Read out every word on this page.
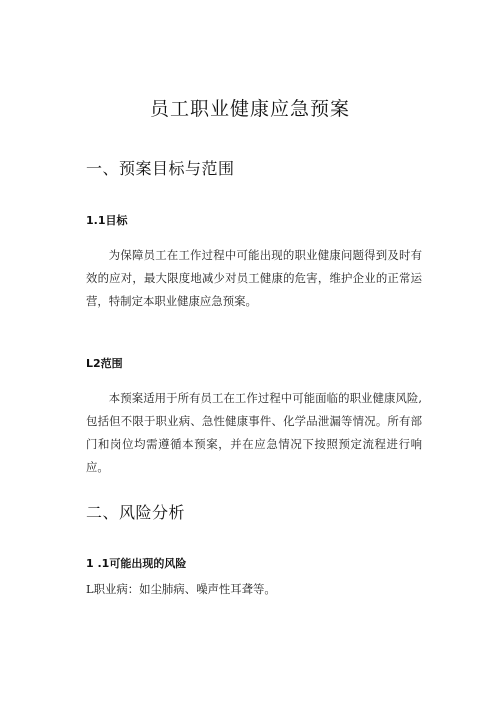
员工职业健康应急预案
一、预案目标与范围
1.1目标
为保障员工在工作过程中可能出现的职业健康问题得到及时有效的应对，最大限度地减少对员工健康的危害，维护企业的正常运营，特制定本职业健康应急预案。
L2范围
本预案适用于所有员工在工作过程中可能面临的职业健康风险,包括但不限于职业病、急性健康事件、化学品泄漏等情况。所有部门和岗位均需遵循本预案，并在应急情况下按照预定流程进行响应。
二、风险分析
1 .1可能出现的风险
L职业病：如尘肺病、噪声性耳聋等。
